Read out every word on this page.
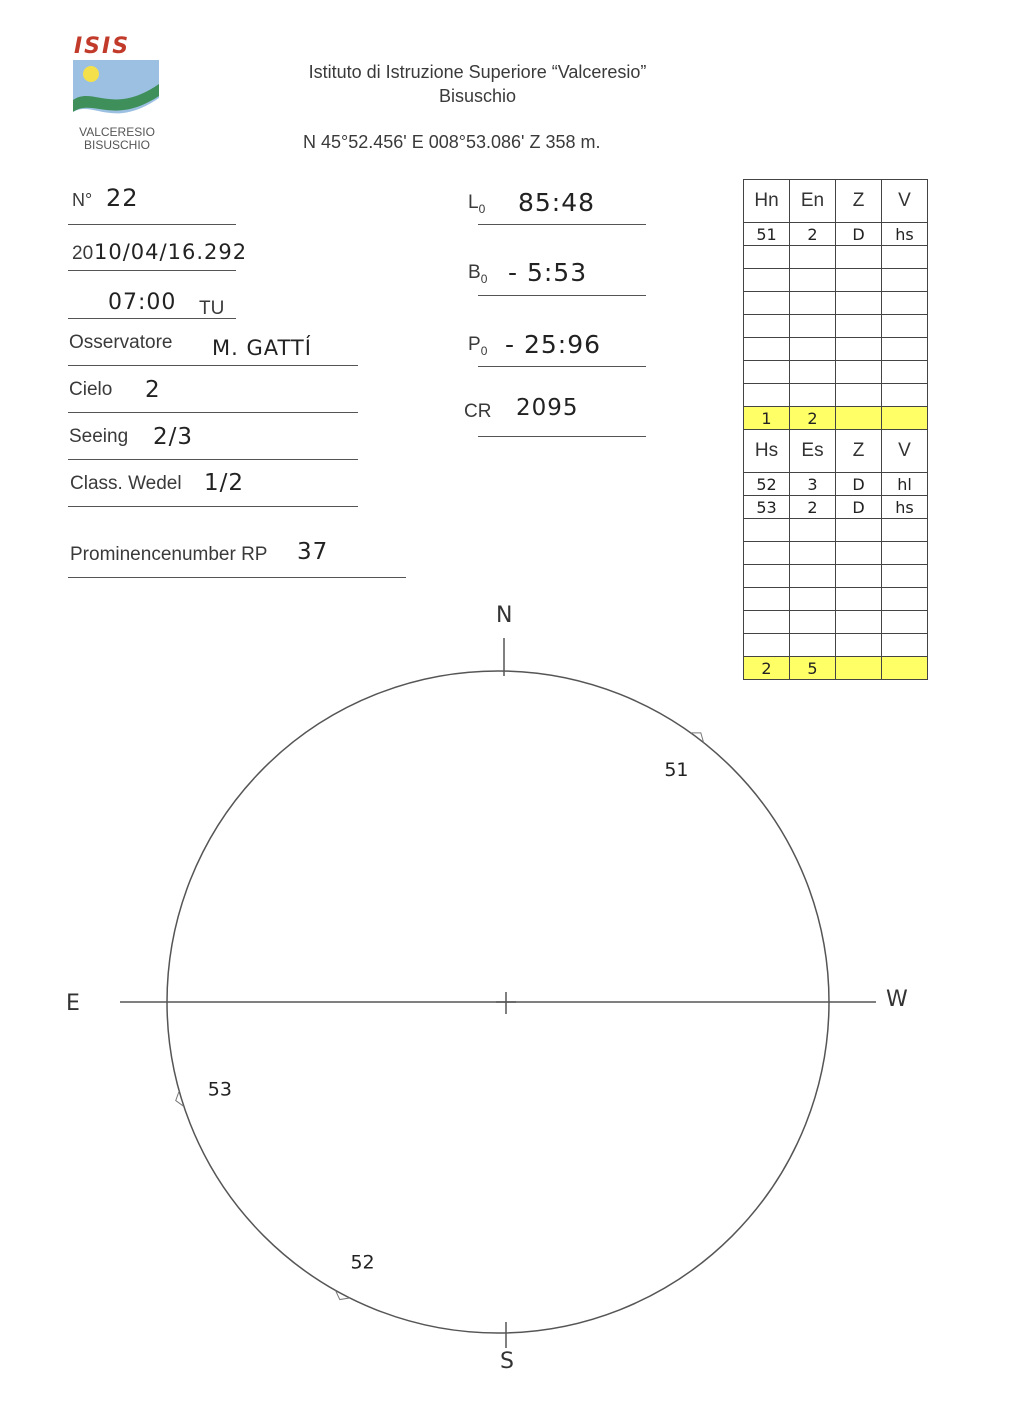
ISIS
VALCERESIO
BISUSCHIO
Istituto di Istruzione Superiore “Valceresio”
Bisuschio
N 45°52.456' E 008°53.086' Z 358 m.
N° 22
20 10/04/16.292
07:00 TU
Osservatore M. GATTÍ
Cielo 2
Seeing 2/3
Class. Wedel 1/2
Prominencenumber RP 37
$L_0$ 85:48
$B_0$ - 5:53
$P_0$ - 25:96
CR 2095
Hn	En	Z	V
51	2	D	hs

1	2		
Hs	Es	Z	V
52	3	D	hl
53	2	D	hs

2	5		
N
S
E	W
51
53
52
